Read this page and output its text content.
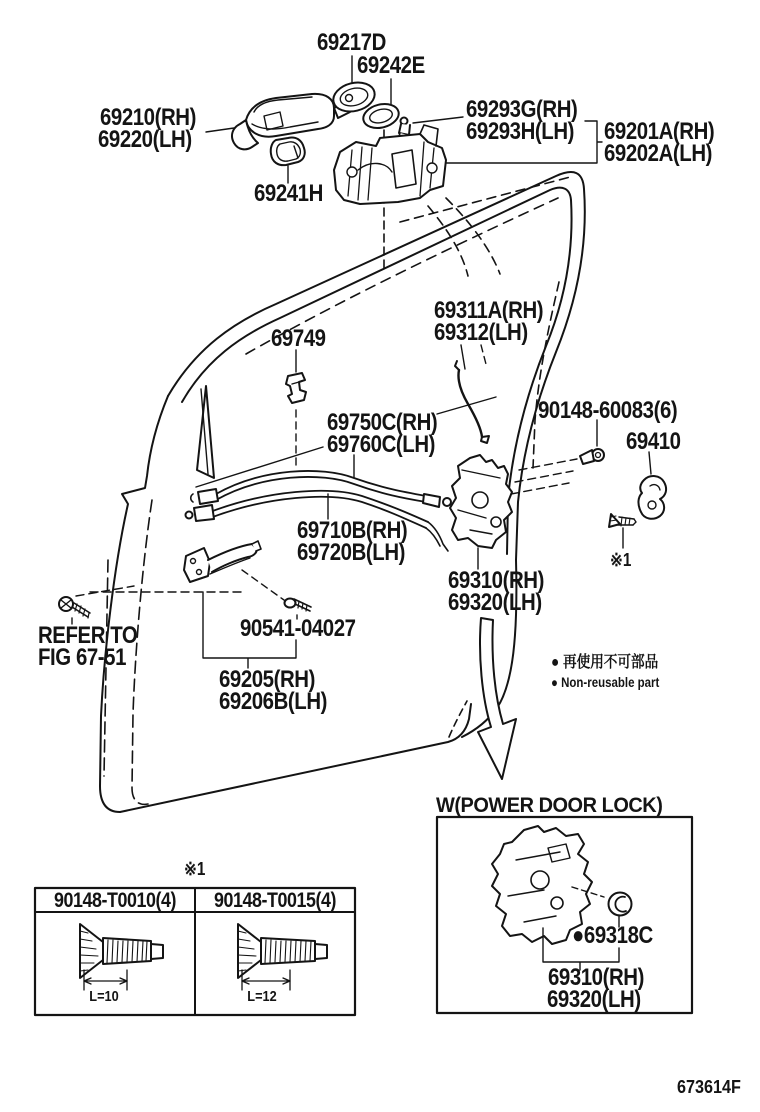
69217D
69242E
69210(RH)
69220(LH)
69241H
69293G(RH)
69293H(LH) 69201A(RH)
69202A(LH)
69311A(RH)
69312(LH)
69749
69750C(RH)
69760C(LH)
90148-60083(6)
69410
※1
69710B(RH)
69720B(LH)
69310(RH)
69320(LH)
REFER TO
FIG 67-51
90541-04027
69205(RH)
69206B(LH)
● 再使用不可部品
● Non-reusable part
W(POWER DOOR LOCK)
●69318C
69310(RH)
69320(LH)
※1
90148-T0010(4) 90148-T0015(4)
L=10	L=12
673614F
